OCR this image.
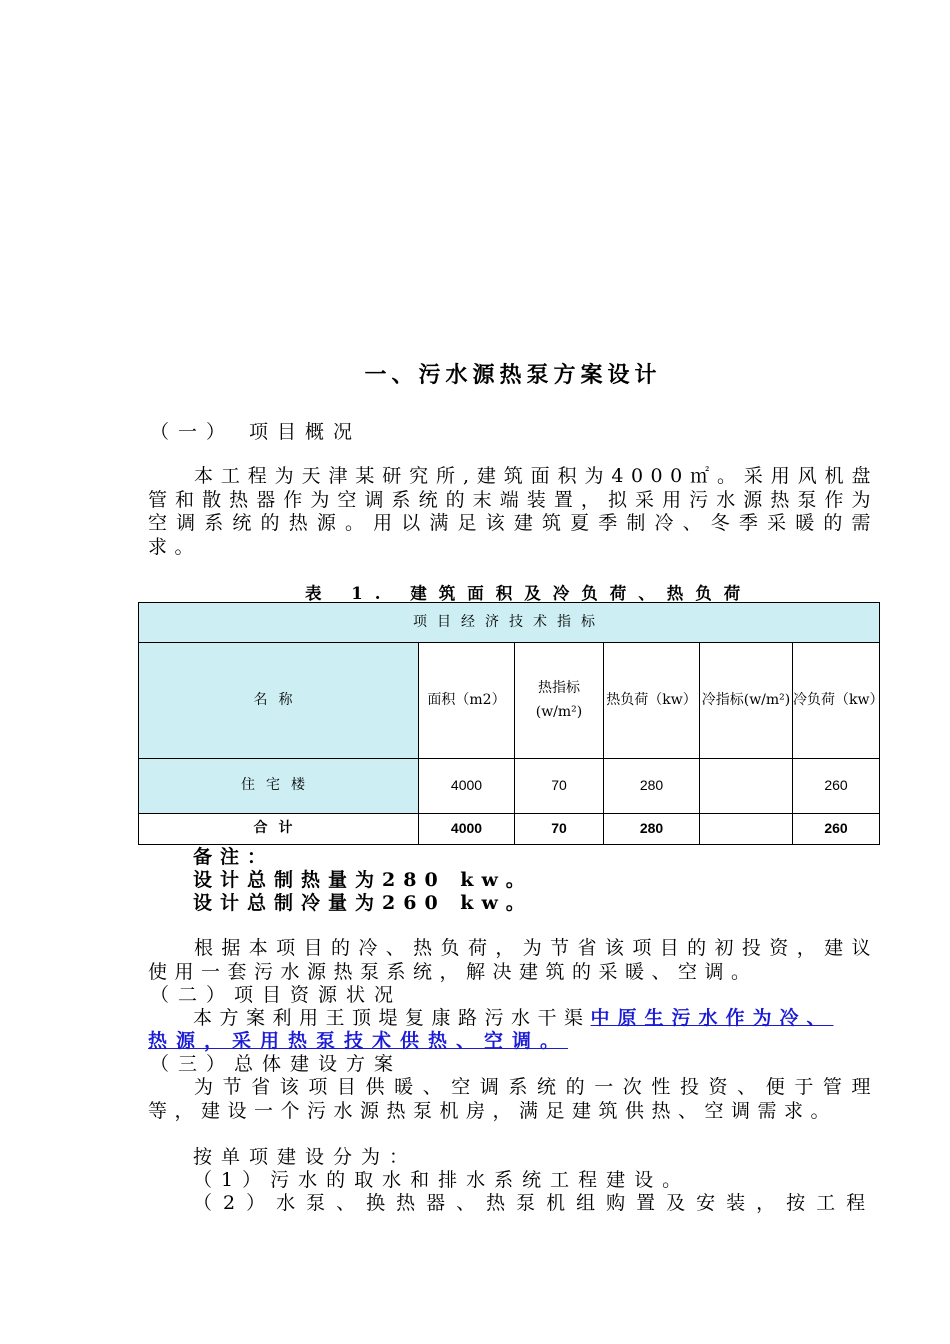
一、污水源热泵方案设计
（一） 项目概况
本工程为天津某研究所,建筑面积为4000㎡。采用风机盘管和散热器作为空调系统的末端装置，拟采用污水源热泵作为空调系统的热源。用以满足该建筑夏季制冷、冬季采暖的需求。
表 1. 建筑面积及冷负荷、热负荷
项目经济技术指标					
名称	面积（m2）	热指标(w/m²)	热负荷（kw）	冷指标(w/m²)	冷负荷（kw）
住宅楼	4000	70	280		260
合计	4000	70	280		260
备注：
设计总制热量为280 kw。
设计总制冷量为260 kw。
根据本项目的冷、热负荷，为节省该项目的初投资，建议使用一套污水源热泵系统，解决建筑的采暖、空调。
（二）项目资源状况
本方案利用王顶堤复康路污水干渠中原生污水作为冷、
热源，采用热泵技术供热、空调。
（三）总体建设方案
为节省该项目供暖、空调系统的一次性投资、便于管理等，建设一个污水源热泵机房，满足建筑供热、空调需求。
按单项建设分为：
（1）污水的取水和排水系统工程建设。
（2）水泵、换热器、热泵机组购置及安装，按工程
